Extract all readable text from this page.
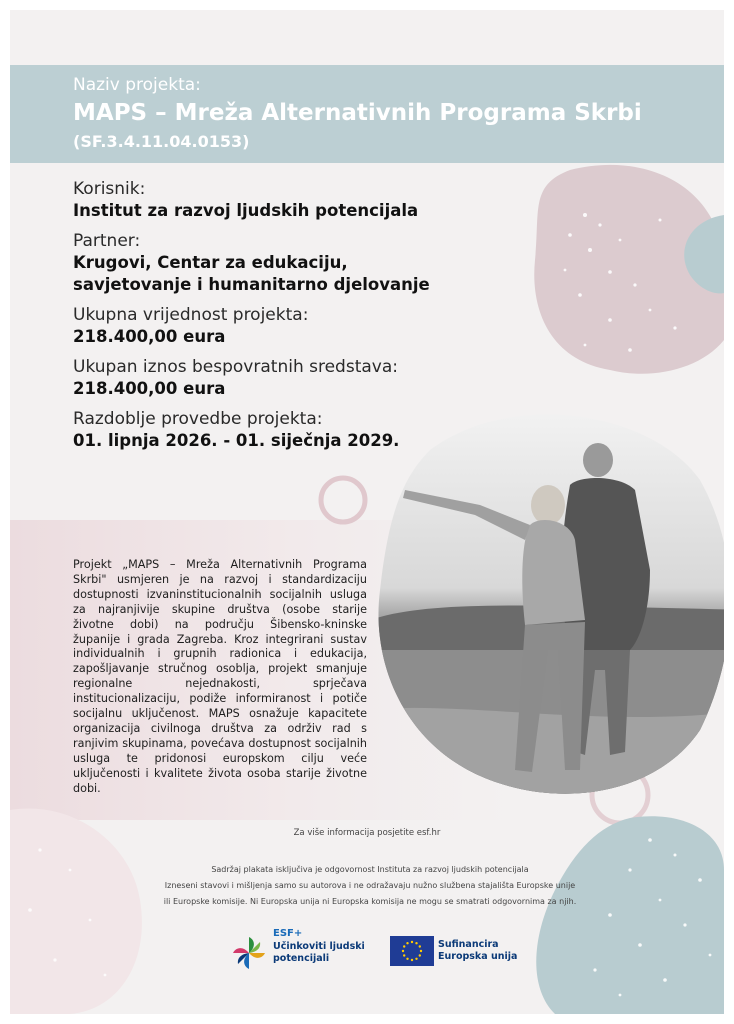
Naziv projekta:
MAPS – Mreža Alternativnih Programa Skrbi
(SF.3.4.11.04.0153)
Korisnik:
Institut za razvoj ljudskih potencijala
Partner:
Krugovi, Centar za edukaciju, savjetovanje i humanitarno djelovanje
Ukupna vrijednost projekta:
218.400,00 eura
Ukupan iznos bespovratnih sredstava:
218.400,00 eura
Razdoblje provedbe projekta:
01. lipnja 2026. - 01. siječnja 2029.
Projekt „MAPS – Mreža Alternativnih Programa Skrbi" usmjeren je na razvoj i standardizaciju dostupnosti izvaninstitucionalnih socijalnih usluga za najranjivije skupine društva (osobe starije životne dobi) na području Šibensko-kninske županije i grada Zagreba. Kroz integrirani sustav individualnih i grupnih radionica i edukacija, zapošljavanje stručnog osoblja, projekt smanjuje regionalne nejednakosti, sprječava institucionalizaciju, podiže informiranost i potiče socijalnu uključenost. MAPS osnažuje kapacitete organizacija civilnoga društva za održiv rad s ranjivim skupinama, povećava dostupnost socijalnih usluga te pridonosi europskom cilju veće uključenosti i kvalitete života osoba starije životne dobi.
Za više informacija posjetite esf.hr
Sadržaj plakata isključiva je odgovornost Instituta za razvoj ljudskih potencijala
Izneseni stavovi i mišljenja samo su autorova i ne odražavaju nužno službena stajališta Europske unije
ili Europske komisije. Ni Europska unija ni Europska komisija ne mogu se smatrati odgovornima za njih.
ESF+
Učinkoviti ljudski potencijali
Sufinancira Europska unija
